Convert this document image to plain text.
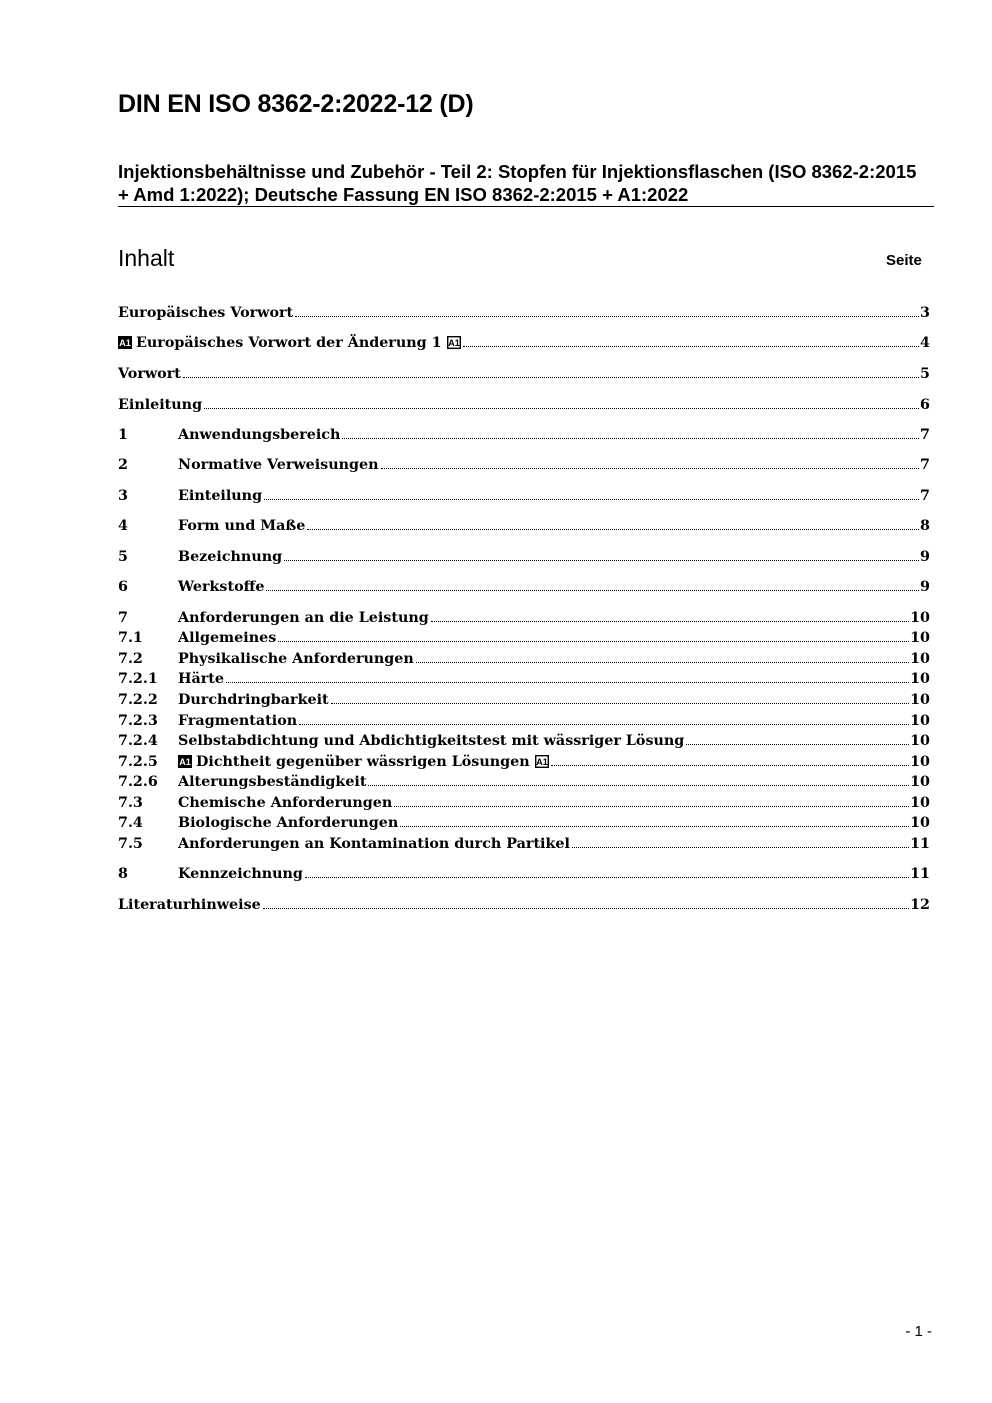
DIN EN ISO 8362-2:2022-12 (D)
Injektionsbehältnisse und Zubehör - Teil 2: Stopfen für Injektionsflaschen (ISO 8362-2:2015 + Amd 1:2022); Deutsche Fassung EN ISO 8362-2:2015 + A1:2022
Inhalt	Seite
Europäisches Vorwort	3
A1 Europäisches Vorwort der Änderung 1 A1	4
Vorwort	5
Einleitung	6
1	Anwendungsbereich	7
2	Normative Verweisungen	7
3	Einteilung	7
4	Form und Maße	8
5	Bezeichnung	9
6	Werkstoffe	9
7	Anforderungen an die Leistung	10
7.1	Allgemeines	10
7.2	Physikalische Anforderungen	10
7.2.1	Härte	10
7.2.2	Durchdringbarkeit	10
7.2.3	Fragmentation	10
7.2.4	Selbstabdichtung und Abdichtigkeitstest mit wässriger Lösung	10
7.2.5	A1 Dichtheit gegenüber wässrigen Lösungen A1	10
7.2.6	Alterungsbeständigkeit	10
7.3	Chemische Anforderungen	10
7.4	Biologische Anforderungen	10
7.5	Anforderungen an Kontamination durch Partikel	11
8	Kennzeichnung	11
Literaturhinweise	12
- 1 -
